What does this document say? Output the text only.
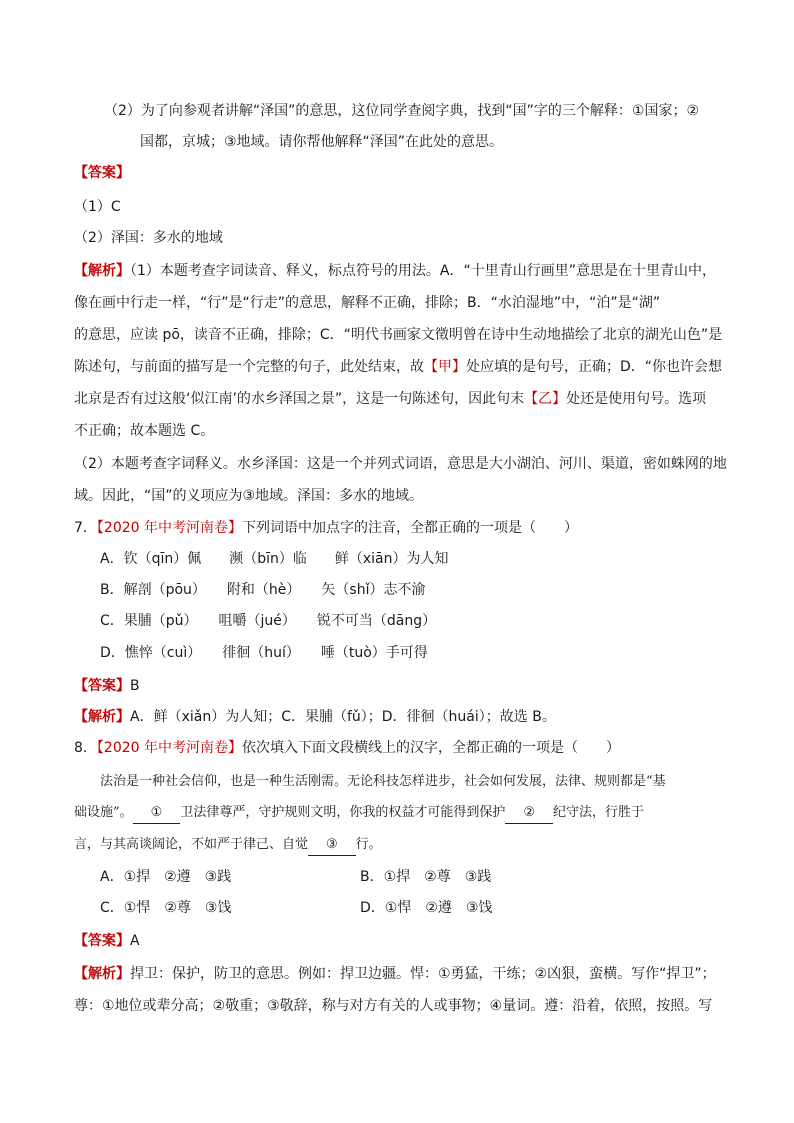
（2）为了向参观者讲解“泽国”的意思，这位同学查阅字典，找到“国”字的三个解释：①国家；②
国都，京城；③地域。请你帮他解释“泽国”在此处的意思。
【答案】
（1）C
（2）泽国：多水的地域
【解析】（1）本题考查字词读音、释义，标点符号的用法。A．“十里青山行画里”意思是在十里青山中，
像在画中行走一样，“行”是“行走”的意思，解释不正确，排除；B．“水泊湿地”中，“泊”是“湖”
的意思，应读 pō，读音不正确，排除；C．“明代书画家文徵明曾在诗中生动地描绘了北京的湖光山色”是
陈述句，与前面的描写是一个完整的句子，此处结束，故【甲】处应填的是句号，正确；D．“你也许会想
北京是否有过这般‘似江南’的水乡泽国之景”，这是一句陈述句，因此句末【乙】处还是使用句号。选项
不正确；故本题选 C。
（2）本题考查字词释义。水乡泽国：这是一个并列式词语，意思是大小湖泊、河川、渠道，密如蛛网的地
域。因此，“国”的义项应为③地域。泽国：多水的地域。
7．【2020 年中考河南卷】下列词语中加点字的注音，全都正确的一项是（　　）
A．钦（qīn）佩　　濒（bīn）临　　鲜（xiān）为人知
B．解剖（pōu）　　附和（hè）　　矢（shǐ）志不渝
C．果脯（pǔ）　　咀嚼（jué）　　锐不可当（dāng）
D．憔悴（cuì）　　徘徊（huí）　　唾（tuò）手可得
【答案】B
【解析】A．鲜（xiǎn）为人知；C．果脯（fǔ）；D．徘徊（huái）；故选 B。
8．【2020 年中考河南卷】依次填入下面文段横线上的汉字，全都正确的一项是（　　）
法治是一种社会信仰，也是一种生活刚需。无论科技怎样进步，社会如何发展，法律、规则都是“基
础设施”。 ① 卫法律尊严，守护规则文明，你我的权益才可能得到保护 ② 纪守法，行胜于
言，与其高谈阔论，不如严于律己、自觉 ③ 行。
A．①捍　②遵　③践	B．①捍　②尊　③践
C．①悍　②尊　③饯	D．①悍　②遵　③饯
【答案】A
【解析】捍卫：保护，防卫的意思。例如：捍卫边疆。悍：①勇猛，干练；②凶狠，蛮横。写作“捍卫”；
尊：①地位或辈分高；②敬重；③敬辞，称与对方有关的人或事物；④量词。遵：沿着，依照，按照。写
